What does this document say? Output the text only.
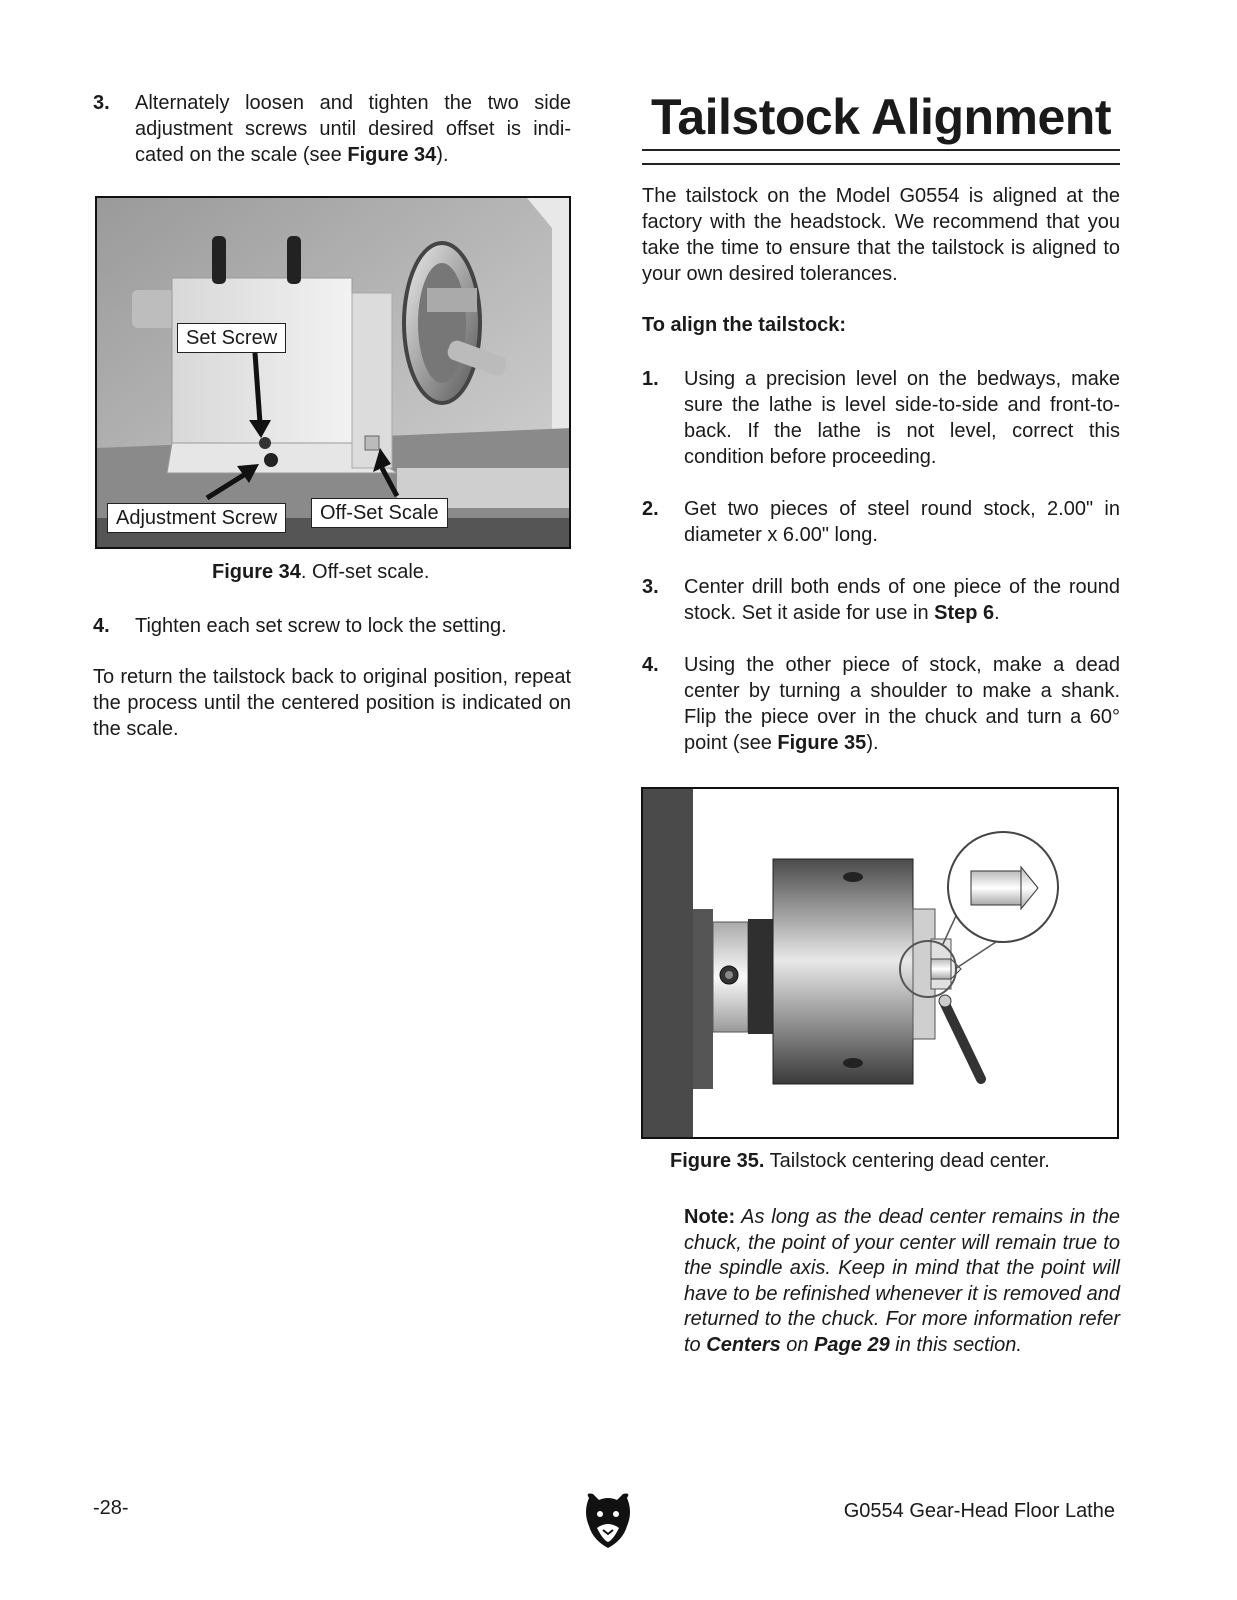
3.	Alternately loosen and tighten the two side adjustment screws until desired offset is indi-cated on the scale (see Figure 34).
Set Screw
Adjustment Screw	Off-Set Scale
Figure 34. Off-set scale.
4.	Tighten each set screw to lock the setting.

To return the tailstock back to original position, repeat the process until the centered position is indicated on the scale.

Tailstock Alignment

The tailstock on the Model G0554 is aligned at the factory with the headstock. We recommend that you take the time to ensure that the tailstock is aligned to your own desired tolerances.

To align the tailstock:

1.	Using a precision level on the bedways, make sure the lathe is level side-to-side and front-to-back. If the lathe is not level, correct this condition before proceeding.
2.	Get two pieces of steel round stock, 2.00" in diameter x 6.00" long.
3.	Center drill both ends of one piece of the round stock. Set it aside for use in Step 6.
4.	Using the other piece of stock, make a dead center by turning a shoulder to make a shank. Flip the piece over in the chuck and turn a 60° point (see Figure 35).
Figure 35. Tailstock centering dead center.

Note: As long as the dead center remains in the chuck, the point of your center will remain true to the spindle axis. Keep in mind that the point will have to be refinished whenever it is removed and returned to the chuck. For more information refer to Centers on Page 29 in this section.

-28-	G0554 Gear-Head Floor Lathe
